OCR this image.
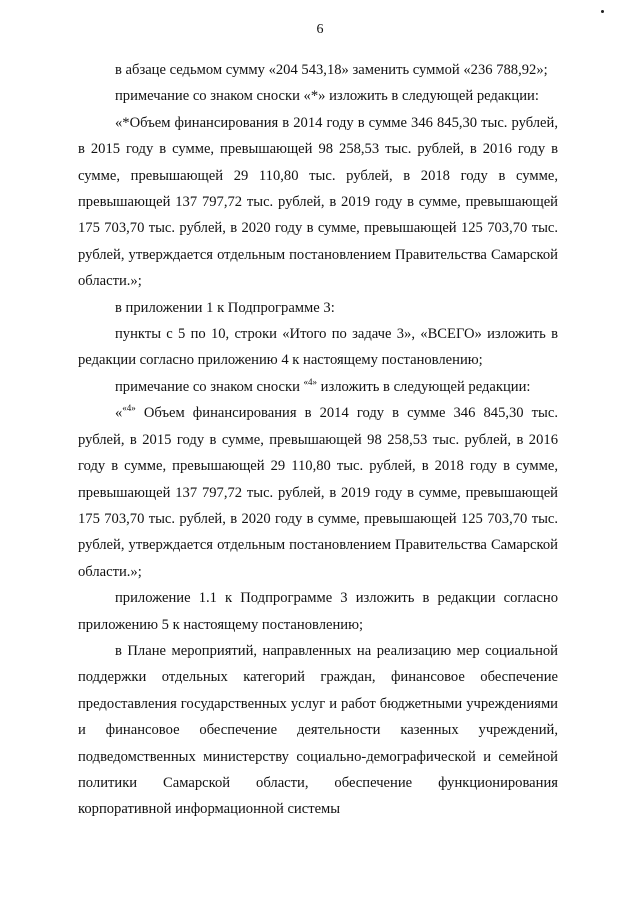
6

в абзаце седьмом сумму «204 543,18» заменить суммой «236 788,92»;

примечание со знаком сноски «*» изложить в следующей редакции:

«*Объем финансирования в 2014 году в сумме 346 845,30 тыс. рублей, в 2015 году в сумме, превышающей 98 258,53 тыс. рублей, в 2016 году в сумме, превышающей 29 110,80 тыс. рублей, в 2018 году в сумме, превышающей 137 797,72 тыс. рублей, в 2019 году в сумме, превышающей 175 703,70 тыс. рублей, в 2020 году в сумме, превышающей 125 703,70 тыс. рублей, утверждается отдельным постановлением Правительства Самарской области.»;

в приложении 1 к Подпрограмме 3:

пункты с 5 по 10, строки «Итого по задаче 3», «ВСЕГО» изложить в редакции согласно приложению 4 к настоящему постановлению;

примечание со знаком сноски $^{«4»}$ изложить в следующей редакции:

«$^{«4»}$ Объем финансирования в 2014 году в сумме 346 845,30 тыс. рублей, в 2015 году в сумме, превышающей 98 258,53 тыс. рублей, в 2016 году в сумме, превышающей 29 110,80 тыс. рублей, в 2018 году в сумме, превышающей 137 797,72 тыс. рублей, в 2019 году в сумме, превышающей 175 703,70 тыс. рублей, в 2020 году в сумме, превышающей 125 703,70 тыс. рублей, утверждается отдельным постановлением Правительства Самарской области.»;

приложение 1.1 к Подпрограмме 3 изложить в редакции согласно приложению 5 к настоящему постановлению;

в Плане мероприятий, направленных на реализацию мер социальной поддержки отдельных категорий граждан, финансовое обеспечение предоставления государственных услуг и работ бюджетными учреждениями и финансовое обеспечение деятельности казенных учреждений, подведомственных министерству социально-демографической и семейной политики Самарской области, обеспечение функционирования корпоративной информационной системы
